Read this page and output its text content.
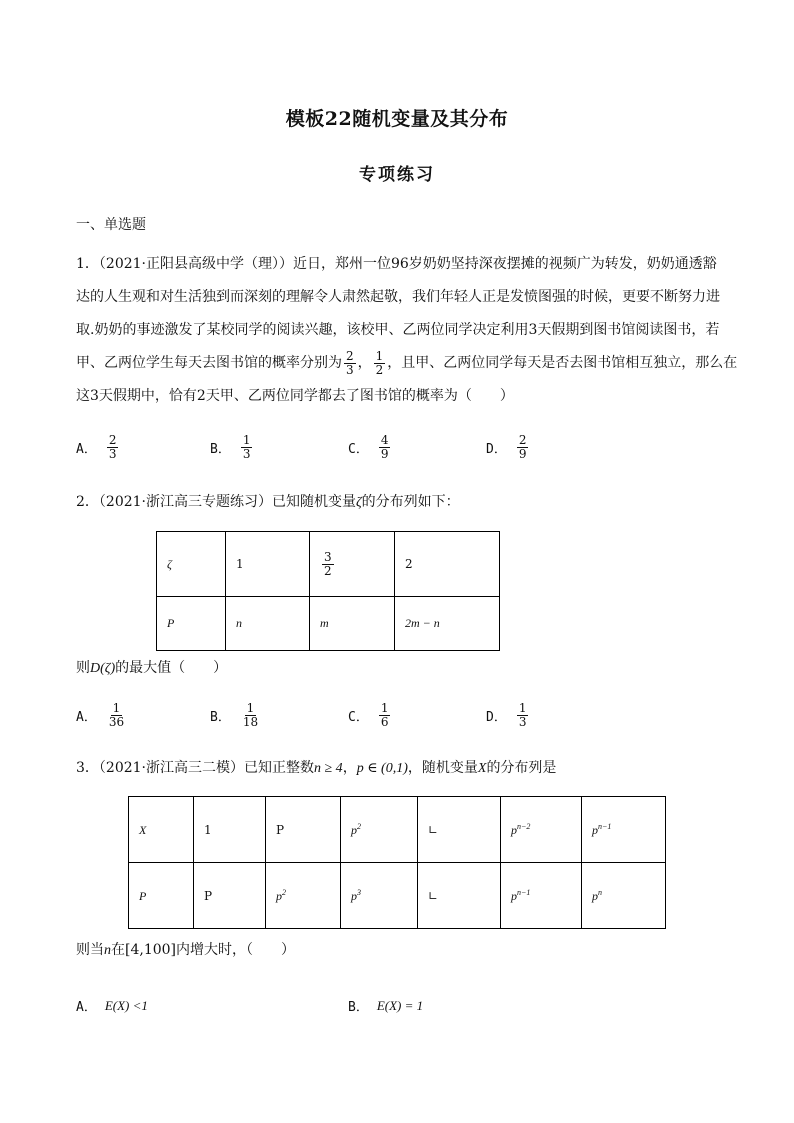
模板22随机变量及其分布
专项练习
一、单选题
1．（2021·正阳县高级中学（理））近日，郑州一位96岁奶奶坚持深夜摆摊的视频广为转发，奶奶通透豁
达的人生观和对生活独到而深刻的理解令人肃然起敬，我们年轻人正是发愤图强的时候，更要不断努力进
取.奶奶的事迹激发了某校同学的阅读兴趣，该校甲、乙两位同学决定利用3天假期到图书馆阅读图书，若
甲、乙两位学生每天去图书馆的概率分别为 $\frac{2}{3}$ ， $\frac{1}{2}$ ，且甲、乙两位同学每天是否去图书馆相互独立，那么在
这3天假期中，恰有2天甲、乙两位同学都去了图书馆的概率为（　　）
A． $\frac{2}{3}$	B． $\frac{1}{3}$	C． $\frac{4}{9}$	D． $\frac{2}{9}$
2．（2021·浙江高三专题练习）已知随机变量ζ的分布列如下：
ζ	1	$\frac{3}{2}$	2
P	n	m	2m − n
则D(ζ)的最大值（　　）
A． $\frac{1}{36}$	B． $\frac{1}{18}$	C． $\frac{1}{6}$	D． $\frac{1}{3}$
3．（2021·浙江高三二模）已知正整数n ≥ 4，p ∈ (0,1)，随机变量X的分布列是
X	1	P	$p^2$	∟	$p^{n-2}$	$p^{n-1}$
P	P	$p^2$	$p^3$	∟	$p^{n-1}$	$p^n$
则当n在[4,100]内增大时，（　　）
A． E(X) <1	B． E(X) = 1
